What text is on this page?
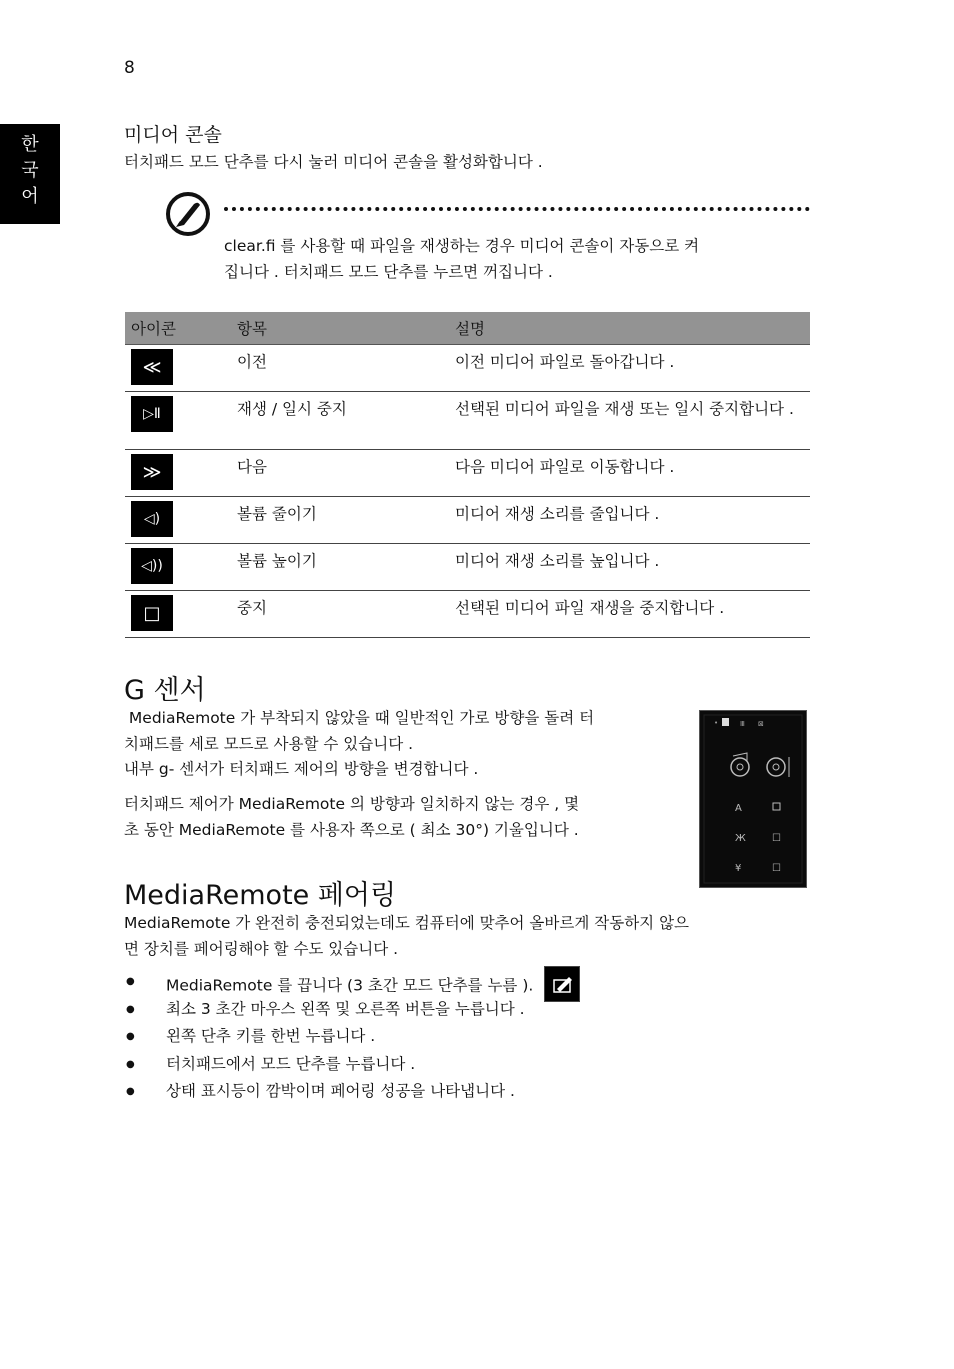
8
한
국
어
미디어 콘솔
터치패드 모드 단추를 다시 눌러 미디어 콘솔을 활성화합니다 .
clear.fi 를 사용할 때 파일을 재생하는 경우 미디어 콘솔이 자동으로 켜
집니다 . 터치패드 모드 단추를 누르면 꺼집니다 .
아이콘	항목	설명

≪	이전	이전 미디어 파일로 돌아갑니다 .

▷Ⅱ	재생 / 일시 중지	선택된 미디어 파일을 재생 또는 일시 중지합니다 .

≫	다음	다음 미디어 파일로 이동합니다 .

◁)	볼륨 줄이기	미디어 재생 소리를 줄입니다 .

◁))	볼륨 높이기	미디어 재생 소리를 높입니다 .

□	중지	선택된 미디어 파일 재생을 중지합니다 .
G 센서
MediaRemote 가 부착되지 않았을 때 일반적인 가로 방향을 돌려 터
치패드를 세로 모드로 사용할 수 있습니다 .
내부 g- 센서가 터치패드 제어의 방향을 변경합니다 .
터치패드 제어가 MediaRemote 의 방향과 일치하지 않는 경우 , 몇
초 동안 MediaRemote 를 사용자 쪽으로 ( 최소 30°) 기울입니다 .
•	Ⅲ ⊠
A
Ж	☐
¥	☐
MediaRemote 페어링
MediaRemote 가 완전히 충전되었는데도 컴퓨터에 맞추어 올바르게 작동하지 않으
면 장치를 페어링해야 할 수도 있습니다 .
● MediaRemote 를 끕니다 (3 초간 모드 단추를 누름 ).
● 최소 3 초간 마우스 왼쪽 및 오른쪽 버튼을 누릅니다 .
● 왼쪽 단추 키를 한번 누릅니다 .
● 터치패드에서 모드 단추를 누릅니다 .
● 상태 표시등이 깜박이며 페어링 성공을 나타냅니다 .
